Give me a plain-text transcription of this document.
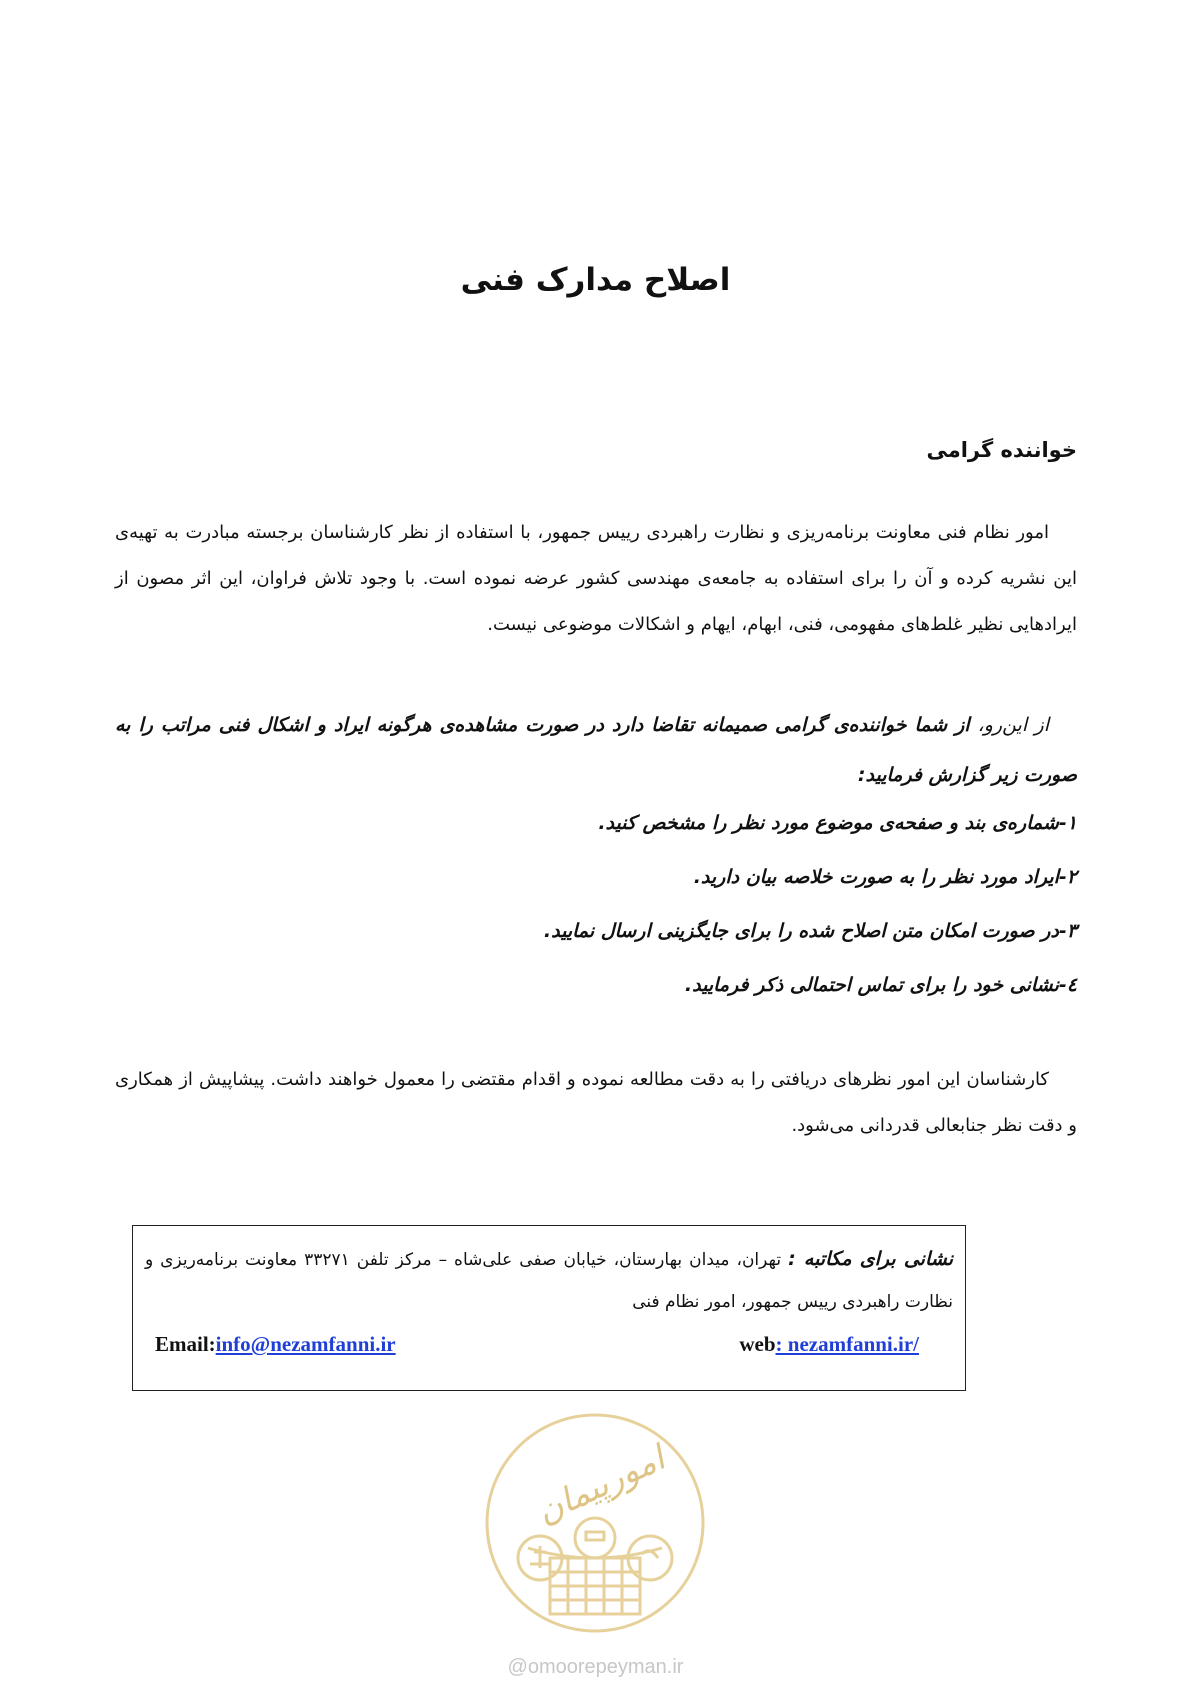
اصلاح مدارک فنی
خواننده گرامی
امور نظام فنی معاونت برنامه‌ریزی و نظارت راهبردی رییس جمهور، با استفاده از نظر کارشناسان برجسته مبادرت به تهیه‌ی این نشریه کرده و آن را برای استفاده به جامعه‌ی مهندسی کشور عرضه نموده است. با وجود تلاش فراوان، این اثر مصون از ایرادهایی نظیر غلط‌های مفهومی، فنی، ابهام، ایهام و اشکالات موضوعی نیست.
از این‌رو، از شما خواننده‌ی گرامی صمیمانه تقاضا دارد در صورت مشاهده‌ی هرگونه ایراد و اشکال فنی مراتب را به صورت زیر گزارش فرمایید:
۱-شماره‌ی بند و صفحه‌ی موضوع مورد نظر را مشخص کنید.
۲-ایراد مورد نظر را به صورت خلاصه بیان دارید.
۳-در صورت امکان متن اصلاح شده را برای جایگزینی ارسال نمایید.
٤-نشانی خود را برای تماس احتمالی ذکر فرمایید.
کارشناسان این امور نظرهای دریافتی را به دقت مطالعه نموده و اقدام مقتضی را معمول خواهند داشت. پیشاپیش از همکاری و دقت نظر جنابعالی قدردانی می‌شود.
نشانی برای مکاتبه : تهران، میدان بهارستان، خیابان صفی علی‌شاه – مرکز تلفن ۳۳۲۷۱ معاونت برنامه‌ریزی و نظارت راهبردی رییس جمهور، امور نظام فنی
Email:info@nezamfanni.ir	web: nezamfanni.ir/
امورپیمان
@omoorepeyman.ir
